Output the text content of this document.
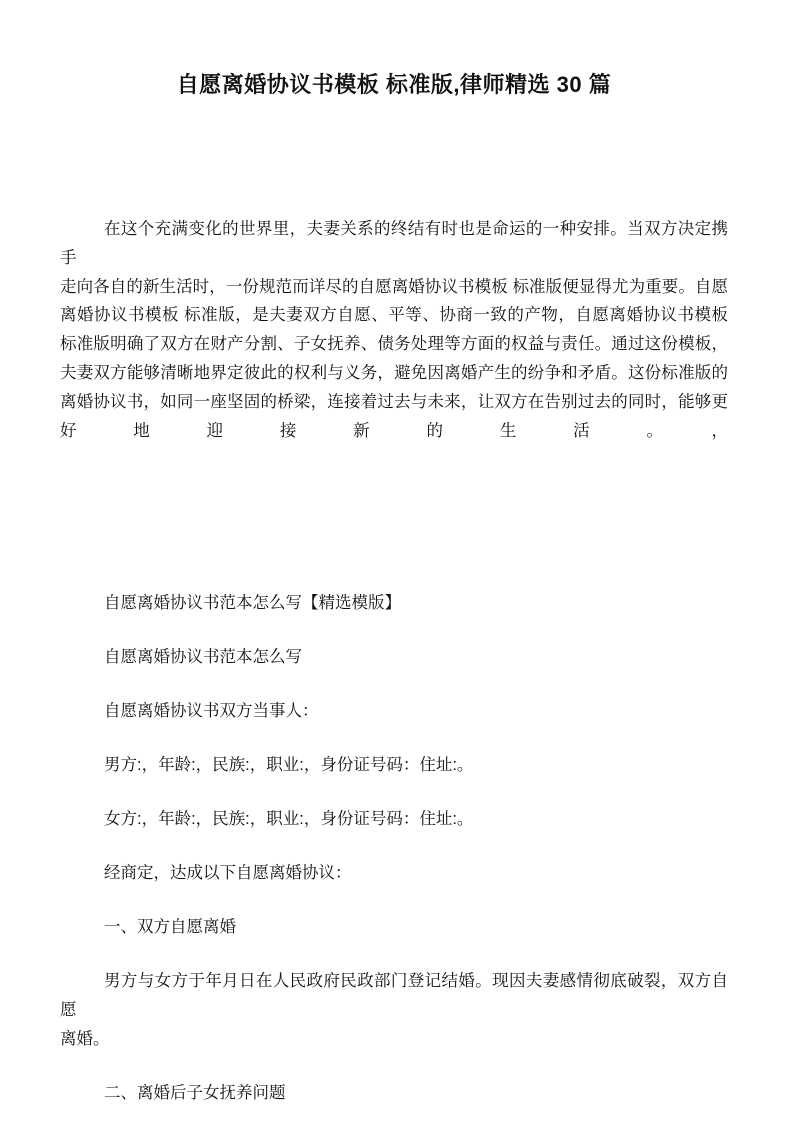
自愿离婚协议书模板 标准版,律师精选 30 篇
在这个充满变化的世界里，夫妻关系的终结有时也是命运的一种安排。当双方决定携手
走向各自的新生活时，一份规范而详尽的自愿离婚协议书模板 标准版便显得尤为重要。自愿
离婚协议书模板 标准版，是夫妻双方自愿、平等、协商一致的产物，自愿离婚协议书模板
标准版明确了双方在财产分割、子女抚养、债务处理等方面的权益与责任。通过这份模板，
夫妻双方能够清晰地界定彼此的权利与义务，避免因离婚产生的纷争和矛盾。这份标准版的
离婚协议书，如同一座坚固的桥梁，连接着过去与未来，让双方在告别过去的同时，能够更
好地迎接新的生活。，

自愿离婚协议书范本怎么写【精选模版】

自愿离婚协议书范本怎么写

自愿离婚协议书双方当事人：

男方:，年龄:，民族:，职业:，身份证号码：住址:。

女方:，年龄:，民族:，职业:，身份证号码：住址:。

经商定，达成以下自愿离婚协议：

一、双方自愿离婚

男方与女方于年月日在人民政府民政部门登记结婚。现因夫妻感情彻底破裂，双方自愿
离婚。

二、离婚后子女抚养问题
